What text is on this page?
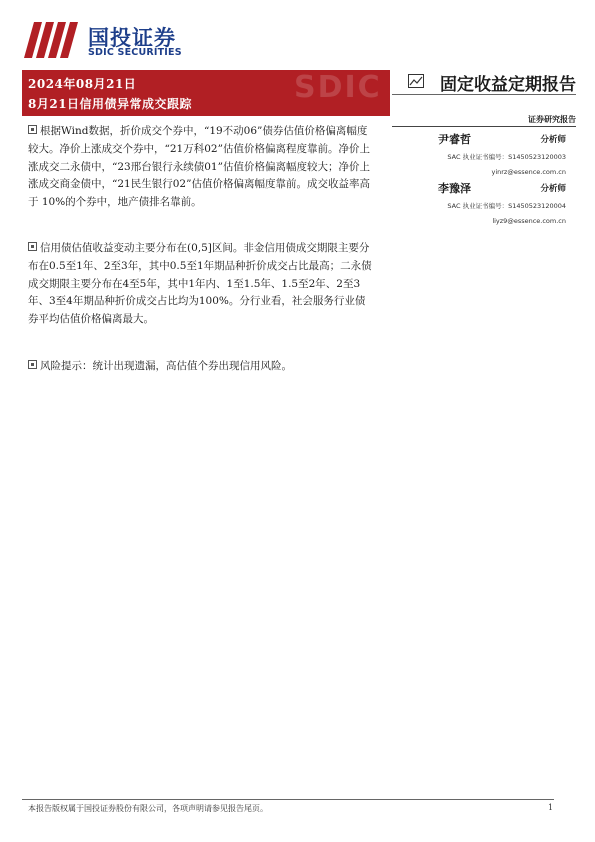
国投证券
SDIC SECURITIES
SDIC
2024年08月21日
8月21日信用债异常成交跟踪
固定收益定期报告
证券研究报告
尹睿哲	分析师
SAC 执业证书编号：S1450523120003
yinrz@essence.com.cn
李豫泽	分析师
SAC 执业证书编号：S1450523120004
liyz9@essence.com.cn
根据Wind数据，折价成交个券中，“19不动06”债券估值价格偏离幅度较大。净价上涨成交个券中，“21万科02”估值价格偏离程度靠前。净价上涨成交二永债中，“23邢台银行永续债01”估值价格偏离幅度较大；净价上涨成交商金债中，“21民生银行02”估值价格偏离幅度靠前。成交收益率高于 10%的个券中，地产债排名靠前。
信用债估值收益变动主要分布在(0,5]区间。非金信用债成交期限主要分布在0.5至1年、2至3年，其中0.5至1年期品种折价成交占比最高；二永债成交期限主要分布在4至5年，其中1年内、1至1.5年、1.5至2年、2至3年、3至4年期品种折价成交占比均为100%。分行业看，社会服务行业债券平均估值价格偏离最大。
风险提示：统计出现遗漏，高估值个券出现信用风险。
本报告版权属于国投证券股份有限公司，各项声明请参见报告尾页。	1
